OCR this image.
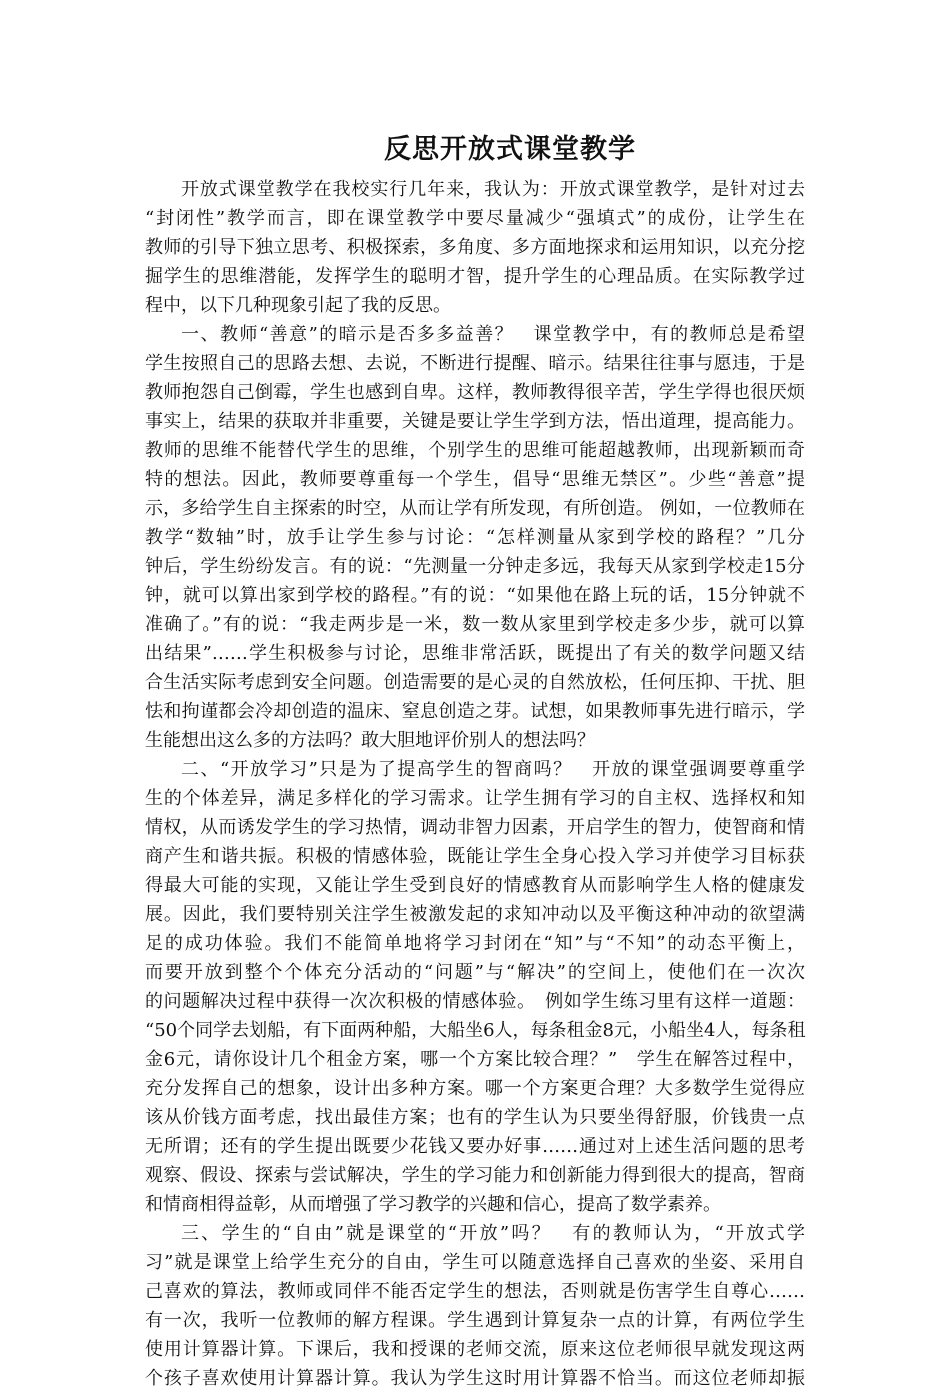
反思开放式课堂教学
开放式课堂教学在我校实行几年来，我认为：开放式课堂教学，是针对过去
“封闭性”教学而言，即在课堂教学中要尽量减少“强填式”的成份，让学生在
教师的引导下独立思考、积极探索，多角度、多方面地探求和运用知识，以充分挖
掘学生的思维潜能，发挥学生的聪明才智，提升学生的心理品质。在实际教学过
程中，以下几种现象引起了我的反思。
一、教师“善意”的暗示是否多多益善？　课堂教学中，有的教师总是希望
学生按照自己的思路去想、去说，不断进行提醒、暗示。结果往往事与愿违，于是
教师抱怨自己倒霉，学生也感到自卑。这样，教师教得很辛苦，学生学得也很厌烦
事实上，结果的获取并非重要，关键是要让学生学到方法，悟出道理，提高能力。
教师的思维不能替代学生的思维，个别学生的思维可能超越教师，出现新颖而奇
特的想法。因此，教师要尊重每一个学生，倡导“思维无禁区”。少些“善意”提
示，多给学生自主探索的时空，从而让学有所发现，有所创造。 例如，一位教师在
教学“数轴”时，放手让学生参与讨论：“怎样测量从家到学校的路程？”几分
钟后，学生纷纷发言。有的说：“先测量一分钟走多远，我每天从家到学校走15分
钟，就可以算出家到学校的路程。”有的说：“如果他在路上玩的话，15分钟就不
准确了。”有的说：“我走两步是一米，数一数从家里到学校走多少步，就可以算
出结果”……学生积极参与讨论，思维非常活跃，既提出了有关的数学问题又结
合生活实际考虑到安全问题。创造需要的是心灵的自然放松，任何压抑、干扰、胆
怯和拘谨都会冷却创造的温床、窒息创造之芽。试想，如果教师事先进行暗示，学
生能想出这么多的方法吗？敢大胆地评价别人的想法吗？
二、“开放学习”只是为了提高学生的智商吗？　开放的课堂强调要尊重学
生的个体差异，满足多样化的学习需求。让学生拥有学习的自主权、选择权和知
情权，从而诱发学生的学习热情，调动非智力因素，开启学生的智力，使智商和情
商产生和谐共振。积极的情感体验，既能让学生全身心投入学习并使学习目标获
得最大可能的实现，又能让学生受到良好的情感教育从而影响学生人格的健康发
展。因此，我们要特别关注学生被激发起的求知冲动以及平衡这种冲动的欲望满
足的成功体验。我们不能简单地将学习封闭在“知”与“不知”的动态平衡上，
而要开放到整个个体充分活动的“问题”与“解决”的空间上，使他们在一次次
的问题解决过程中获得一次次积极的情感体验。　例如学生练习里有这样一道题：
“50个同学去划船，有下面两种船，大船坐6人，每条租金8元，小船坐4人，每条租
金6元，请你设计几个租金方案，哪一个方案比较合理？”　学生在解答过程中，
充分发挥自己的想象，设计出多种方案。哪一个方案更合理？大多数学生觉得应
该从价钱方面考虑，找出最佳方案；也有的学生认为只要坐得舒服，价钱贵一点
无所谓；还有的学生提出既要少花钱又要办好事……通过对上述生活问题的思考
观察、假设、探索与尝试解决，学生的学习能力和创新能力得到很大的提高，智商
和情商相得益彰，从而增强了学习教学的兴趣和信心，提高了数学素养。
三、学生的“自由”就是课堂的“开放”吗？　有的教师认为，“开放式学
习”就是课堂上给学生充分的自由，学生可以随意选择自己喜欢的坐姿、采用自
己喜欢的算法，教师或同伴不能否定学生的想法，否则就是伤害学生自尊心……
有一次，我听一位教师的解方程课。学生遇到计算复杂一点的计算，有两位学生
使用计算器计算。下课后，我和授课的老师交流，原来这位老师很早就发现这两
个孩子喜欢使用计算器计算。我认为学生这时用计算器不恰当。而这位老师却振
